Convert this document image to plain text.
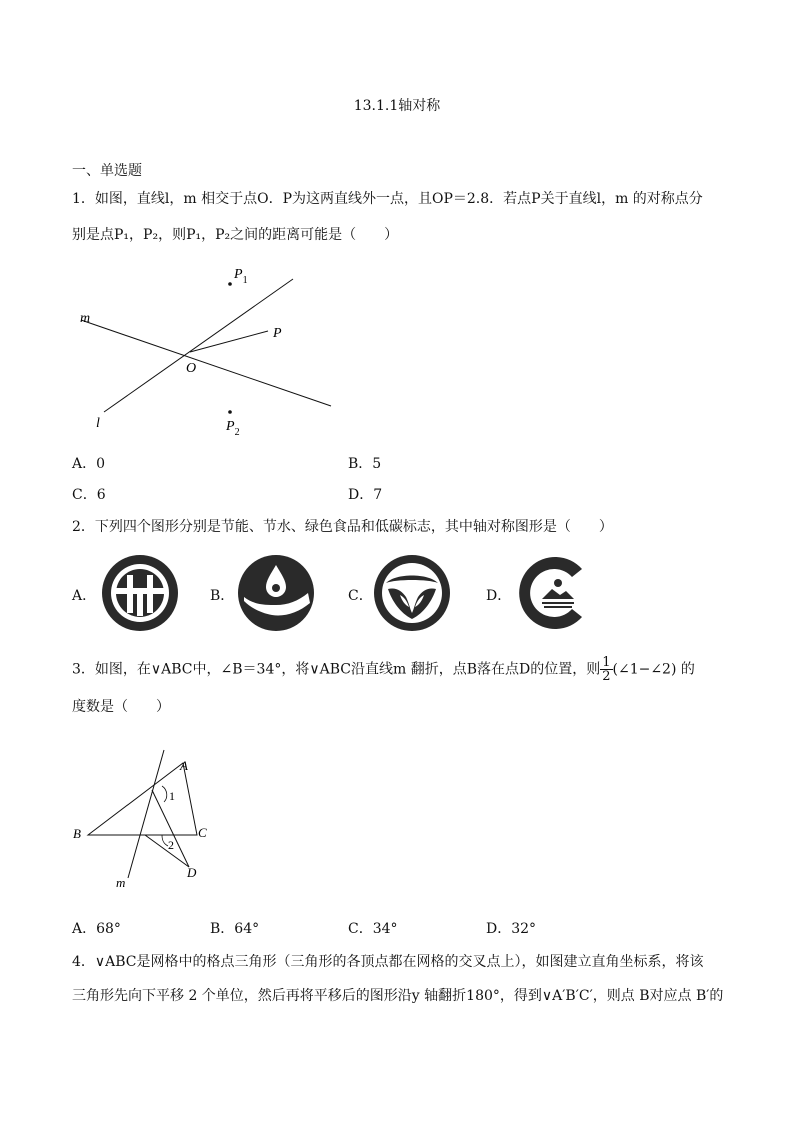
13.1.1轴对称
一、单选题
1．如图，直线l，m 相交于点O．P为这两直线外一点，且OP＝2.8．若点P关于直线l，m 的对称点分
别是点P₁，P₂，则P₁，P₂之间的距离可能是（　　）
$P_1$
$P_2$
P
O
m
l
A．0	B．5
C．6	D．7
2．下列四个图形分别是节能、节水、绿色食品和低碳标志，其中轴对称图形是（　　）
A．	B．	C．	D．
3．如图，在∨ABC中，∠B＝34°，将∨ABC沿直线m 翻折，点B落在点D的位置，则 $\frac{1}{2}$ (∠1−∠2) 的
度数是（　　）
A
B	C
D
m
1
2
A．68°	B．64°	C．34°	D．32°
4．∨ABC是网格中的格点三角形（三角形的各顶点都在网格的交叉点上），如图建立直角坐标系，将该
三角形先向下平移 2 个单位，然后再将平移后的图形沿y 轴翻折180°，得到∨A′B′C′，则点 B对应点 B′的
